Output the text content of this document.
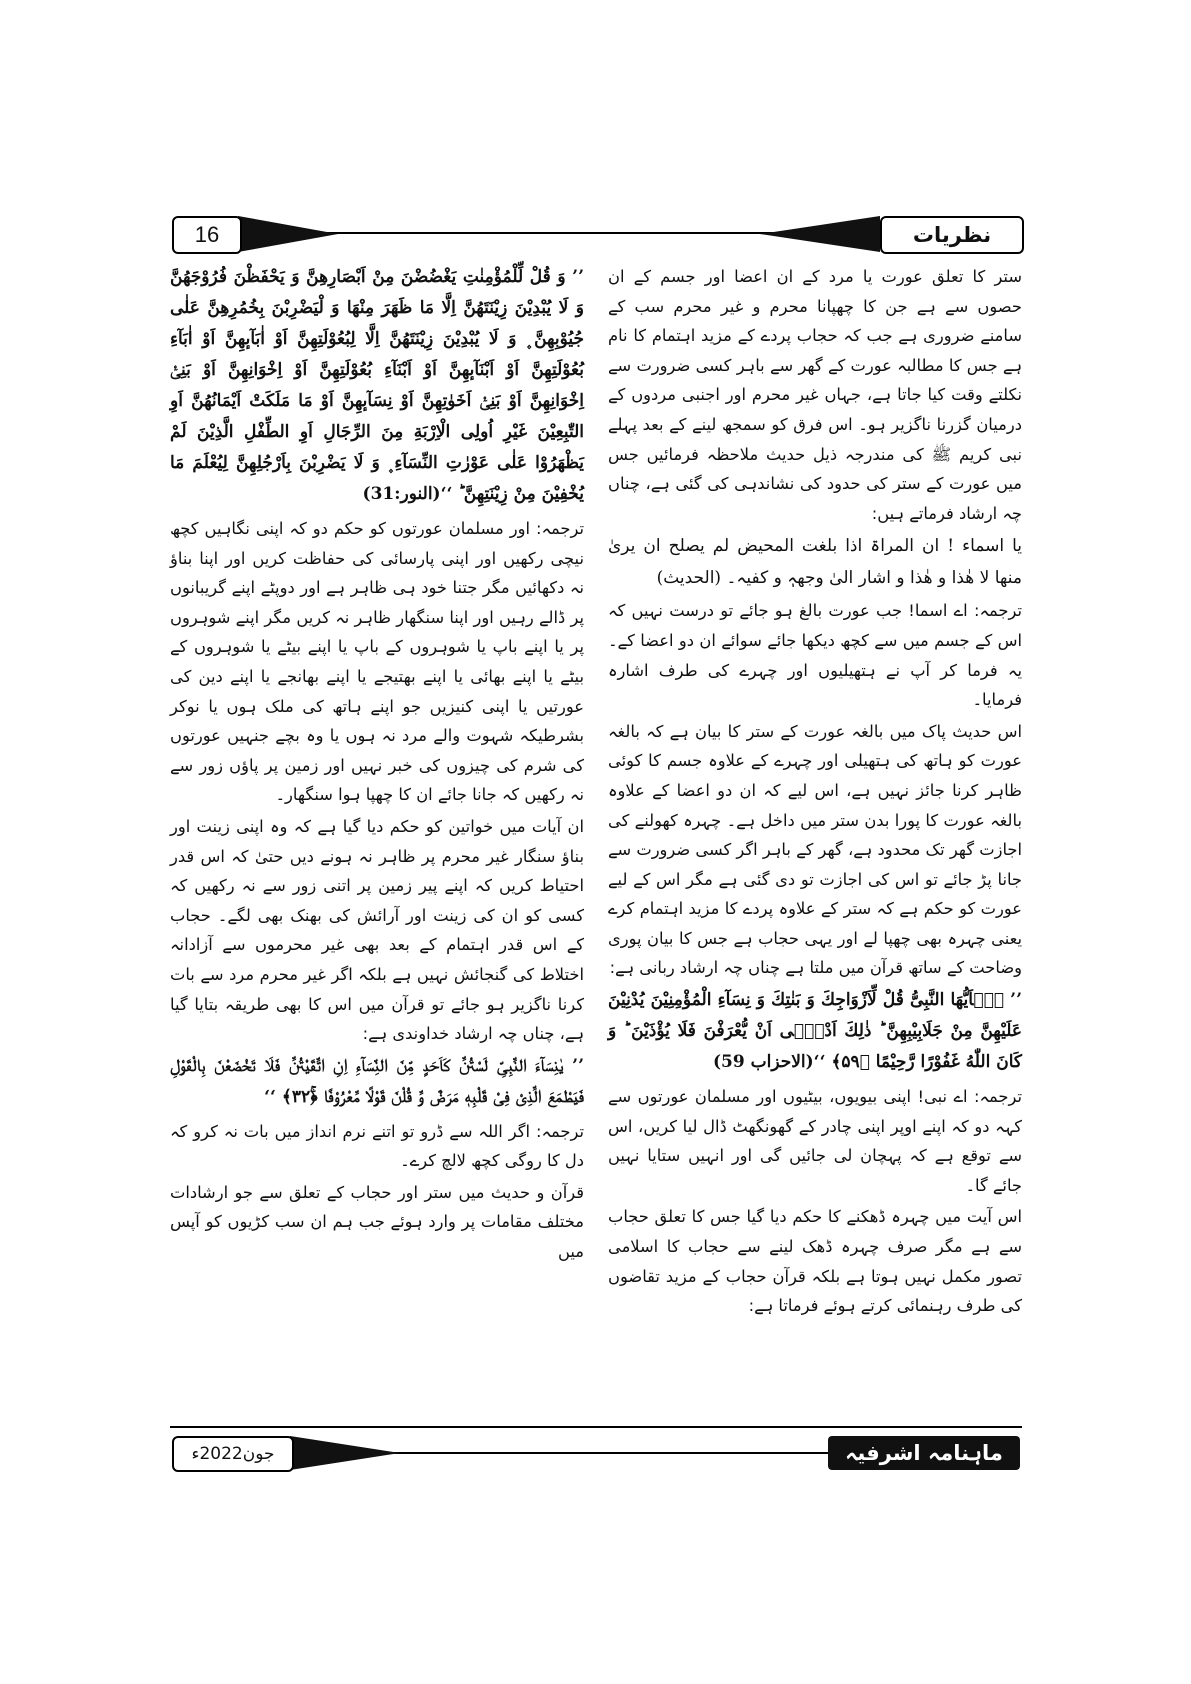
16	نظریات

ستر کا تعلق عورت یا مرد کے ان اعضا اور جسم کے ان حصوں سے ہے جن کا چھپانا محرم و غیر محرم سب کے سامنے ضروری ہے جب کہ حجاب پردے کے مزید اہتمام کا نام ہے جس کا مطالبہ عورت کے گھر سے باہر کسی ضرورت سے نکلتے وقت کیا جاتا ہے، جہاں غیر محرم اور اجنبی مردوں کے درمیان گزرنا ناگزیر ہو۔ اس فرق کو سمجھ لینے کے بعد پہلے نبی کریم ﷺ کی مندرجہ ذیل حدیث ملاحظہ فرمائیں جس میں عورت کے ستر کی حدود کی نشاندہی کی گئی ہے، چناں چہ ارشاد فرماتے ہیں:

یا اسماء ! ان المراۃ اذا بلغت المحیض لم یصلح ان یریٰ منھا لا ھٰذا و ھٰذا و اشار الیٰ وجھہٖ و کفیہ۔ (الحدیث)

ترجمہ: اے اسما! جب عورت بالغ ہو جائے تو درست نہیں کہ اس کے جسم میں سے کچھ دیکھا جائے سوائے ان دو اعضا کے۔ یہ فرما کر آپ نے ہتھیلیوں اور چہرے کی طرف اشارہ فرمایا۔

اس حدیث پاک میں بالغہ عورت کے ستر کا بیان ہے کہ بالغہ عورت کو ہاتھ کی ہتھیلی اور چہرے کے علاوہ جسم کا کوئی ظاہر کرنا جائز نہیں ہے، اس لیے کہ ان دو اعضا کے علاوہ بالغہ عورت کا پورا بدن ستر میں داخل ہے۔ چہرہ کھولنے کی اجازت گھر تک محدود ہے، گھر کے باہر اگر کسی ضرورت سے جانا پڑ جائے تو اس کی اجازت تو دی گئی ہے مگر اس کے لیے عورت کو حکم ہے کہ ستر کے علاوہ پردے کا مزید اہتمام کرے یعنی چہرہ بھی چھپا لے اور یہی حجاب ہے جس کا بیان پوری وضاحت کے ساتھ قرآن میں ملتا ہے چناں چہ ارشاد ربانی ہے:

’’ یٰۤاَیُّهَا النَّبِیُّ قُلْ لِّاَزْوَاجِكَ وَ بَنٰتِكَ وَ نِسَآءِ الْمُؤْمِنِیْنَ یُدْنِیْنَ عَلَیْهِنَّ مِنْ جَلَابِیْبِهِنَّ ؕ ذٰلِكَ اَدْنٰۤى اَنْ یُّعْرَفْنَ فَلَا یُؤْذَیْنَ ؕ وَ كَانَ اللّٰهُ غَفُوْرًا رَّحِیْمًا ﴿۵۹﴾ ‘‘(الاحزاب 59)

ترجمہ: اے نبی! اپنی بیویوں، بیٹیوں اور مسلمان عورتوں سے کہہ دو کہ اپنے اوپر اپنی چادر کے گھونگھٹ ڈال لیا کریں، اس سے توقع ہے کہ پہچان لی جائیں گی اور انہیں ستایا نہیں جائے گا۔

اس آیت میں چہرہ ڈھکنے کا حکم دیا گیا جس کا تعلق حجاب سے ہے مگر صرف چہرہ ڈھک لینے سے حجاب کا اسلامی تصور مکمل نہیں ہوتا ہے بلکہ قرآن حجاب کے مزید تقاضوں کی طرف رہنمائی کرتے ہوئے فرماتا ہے:

’’ وَ قُلْ لِّلْمُؤْمِنٰتِ یَغْضُضْنَ مِنْ اَبْصَارِهِنَّ وَ یَحْفَظْنَ فُرُوْجَهُنَّ وَ لَا یُبْدِیْنَ زِیْنَتَهُنَّ اِلَّا مَا ظَهَرَ مِنْهَا وَ لْیَضْرِبْنَ بِخُمُرِهِنَّ عَلٰى جُیُوْبِهِنَّ ۪ وَ لَا یُبْدِیْنَ زِیْنَتَهُنَّ اِلَّا لِبُعُوْلَتِهِنَّ اَوْ اٰبَآىٕهِنَّ اَوْ اٰبَآءِ بُعُوْلَتِهِنَّ اَوْ اَبْنَآىٕهِنَّ اَوْ اَبْنَآءِ بُعُوْلَتِهِنَّ اَوْ اِخْوَانِهِنَّ اَوْ بَنِیْۤ اِخْوَانِهِنَّ اَوْ بَنِیْۤ اَخَوٰتِهِنَّ اَوْ نِسَآىٕهِنَّ اَوْ مَا مَلَكَتْ اَیْمَانُهُنَّ اَوِ التّٰبِعِیْنَ غَیْرِ اُولِی الْاِرْبَةِ مِنَ الرِّجَالِ اَوِ الطِّفْلِ الَّذِیْنَ لَمْ یَظْهَرُوْا عَلٰى عَوْرٰتِ النِّسَآءِ ۪ وَ لَا یَضْرِبْنَ بِاَرْجُلِهِنَّ لِیُعْلَمَ مَا یُخْفِیْنَ مِنْ زِیْنَتِهِنَّ ؕ ‘‘(النور:31)

ترجمہ: اور مسلمان عورتوں کو حکم دو کہ اپنی نگاہیں کچھ نیچی رکھیں اور اپنی پارسائی کی حفاظت کریں اور اپنا بناؤ نہ دکھائیں مگر جتنا خود ہی ظاہر ہے اور دوپٹے اپنے گریبانوں پر ڈالے رہیں اور اپنا سنگھار ظاہر نہ کریں مگر اپنے شوہروں پر یا اپنے باپ یا شوہروں کے باپ یا اپنے بیٹے یا شوہروں کے بیٹے یا اپنے بھائی یا اپنے بھتیجے یا اپنے بھانجے یا اپنے دین کی عورتیں یا اپنی کنیزیں جو اپنے ہاتھ کی ملک ہوں یا نوکر بشرطیکہ شہوت والے مرد نہ ہوں یا وہ بچے جنہیں عورتوں کی شرم کی چیزوں کی خبر نہیں اور زمین پر پاؤں زور سے نہ رکھیں کہ جانا جائے ان کا چھپا ہوا سنگھار۔

ان آیات میں خواتین کو حکم دیا گیا ہے کہ وہ اپنی زینت اور بناؤ سنگار غیر محرم پر ظاہر نہ ہونے دیں حتیٰ کہ اس قدر احتیاط کریں کہ اپنے پیر زمین پر اتنی زور سے نہ رکھیں کہ کسی کو ان کی زینت اور آرائش کی بھنک بھی لگے۔ حجاب کے اس قدر اہتمام کے بعد بھی غیر محرموں سے آزادانہ اختلاط کی گنجائش نہیں ہے بلکہ اگر غیر محرم مرد سے بات کرنا ناگزیر ہو جائے تو قرآن میں اس کا بھی طریقہ بتایا گیا ہے، چناں چہ ارشاد خداوندی ہے:

’’ یٰنِسَآءَ النَّبِیِّ لَسْتُنَّ كَاَحَدٍ مِّنَ النِّسَآءِ اِنِ اتَّقَیْتُنَّ فَلَا تَخْضَعْنَ بِالْقَوْلِ فَیَطْمَعَ الَّذِیْ فِیْ قَلْبِهٖ مَرَضٌ وَّ قُلْنَ قَوْلًا مَّعْرُوْفًا ﴿ۚ۳۲﴾ ‘‘

ترجمہ: اگر اللہ سے ڈرو تو اتنے نرم انداز میں بات نہ کرو کہ دل کا روگی کچھ لالچ کرے۔

قرآن و حدیث میں ستر اور حجاب کے تعلق سے جو ارشادات مختلف مقامات پر وارد ہوئے جب ہم ان سب کڑیوں کو آپس میں

جون2022ء	ماہنامہ اشرفیہ
